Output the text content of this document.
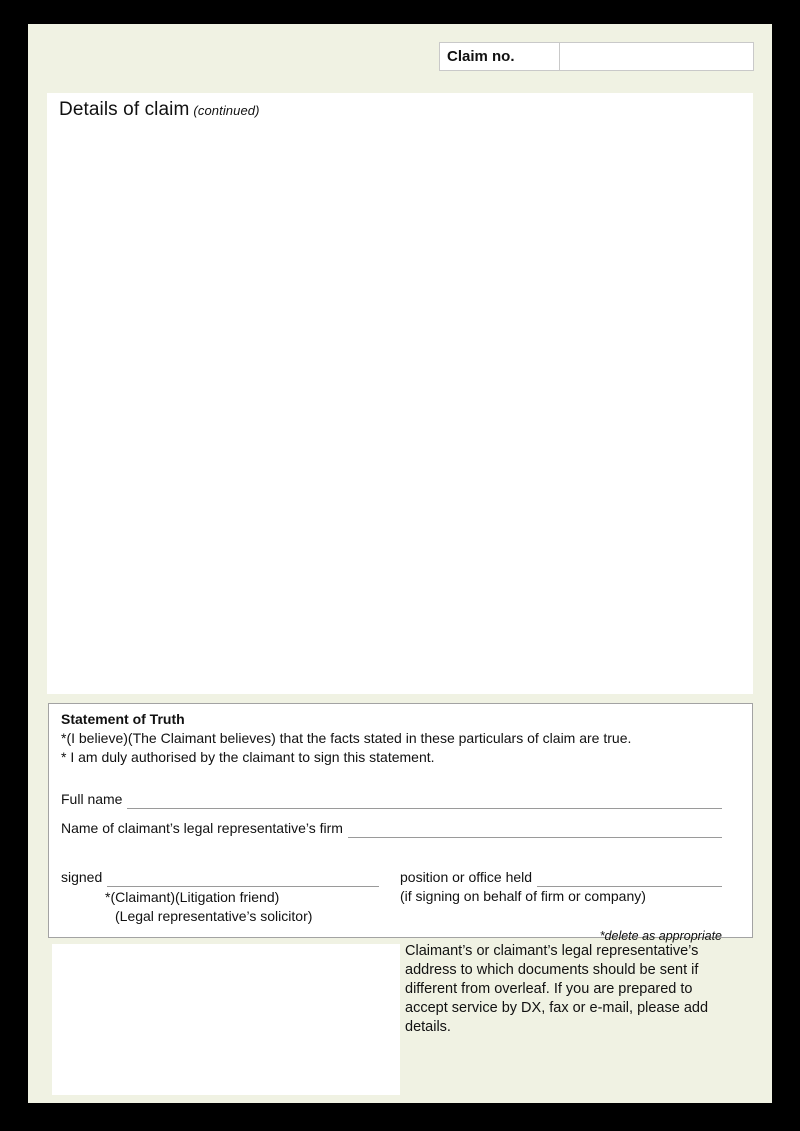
Claim no.
Details of claim (continued)
Statement of Truth
*(I believe)(The Claimant believes) that the facts stated in these particulars of claim are true.
* I am duly authorised by the claimant to sign this statement.
Full name
Name of claimant’s legal representative’s firm
signed
*(Claimant)(Litigation friend)
(Legal representative’s solicitor)
position or office held
(if signing on behalf of firm or company)
*delete as appropriate
Claimant’s or claimant’s legal representative’s
address to which documents should be sent if
different from overleaf. If you are prepared to
accept service by DX, fax or e-mail, please add
details.
